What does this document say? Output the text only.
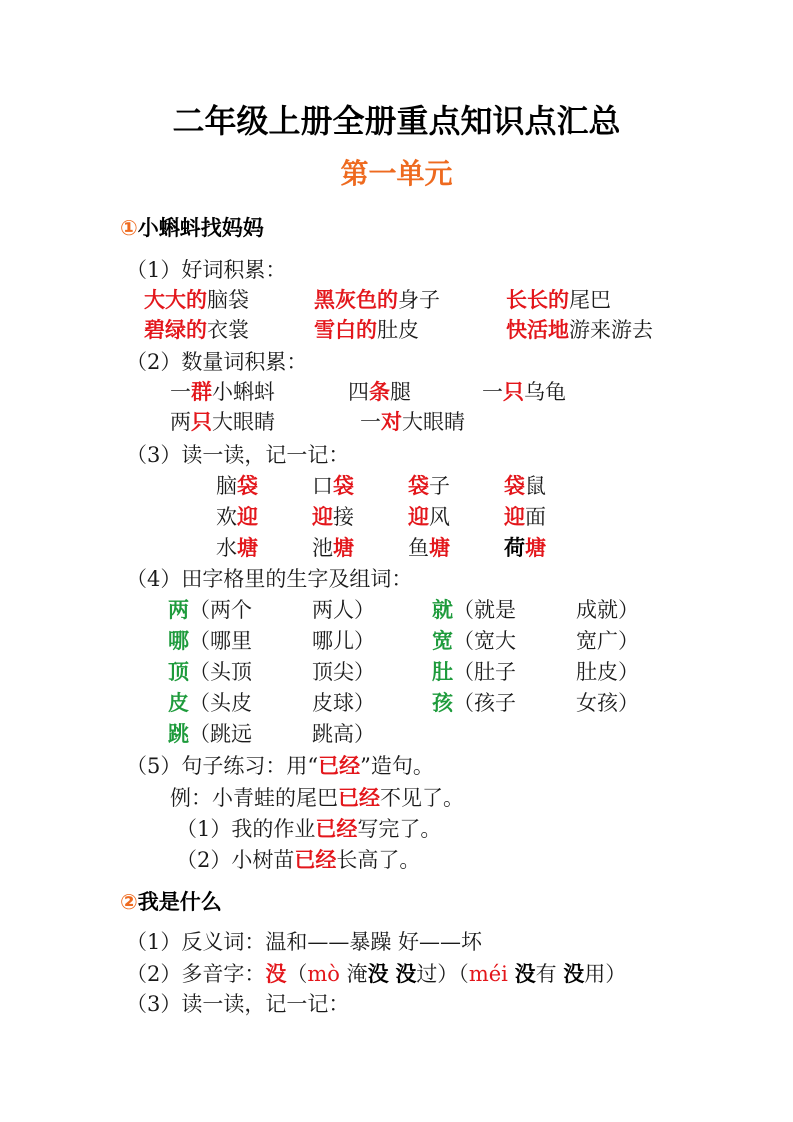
二年级上册全册重点知识点汇总
第一单元
①小蝌蚪找妈妈
（1）好词积累：
大大的脑袋	黑灰色的身子	长长的尾巴
碧绿的衣裳	雪白的肚皮	快活地游来游去
（2）数量词积累：
一群小蝌蚪	四条腿	一只乌龟
两只大眼睛	一对大眼睛
（3）读一读，记一记：
脑袋	口袋	袋子	袋鼠
欢迎	迎接	迎风	迎面
水塘	池塘	鱼塘	荷塘
（4）田字格里的生字及组词：
两（两个	两人）	就（就是	成就）
哪（哪里	哪儿）	宽（宽大	宽广）
顶（头顶	顶尖）	肚（肚子	肚皮）
皮（头皮	皮球）	孩（孩子	女孩）
跳（跳远	跳高）
（5）句子练习：用“已经”造句。
例：小青蛙的尾巴已经不见了。
（1）我的作业已经写完了。
（2）小树苗已经长高了。
②我是什么
（1）反义词：温和——暴躁 好——坏
（2）多音字：没（mò 淹没 没过）（méi 没有 没用）
（3）读一读，记一记：
